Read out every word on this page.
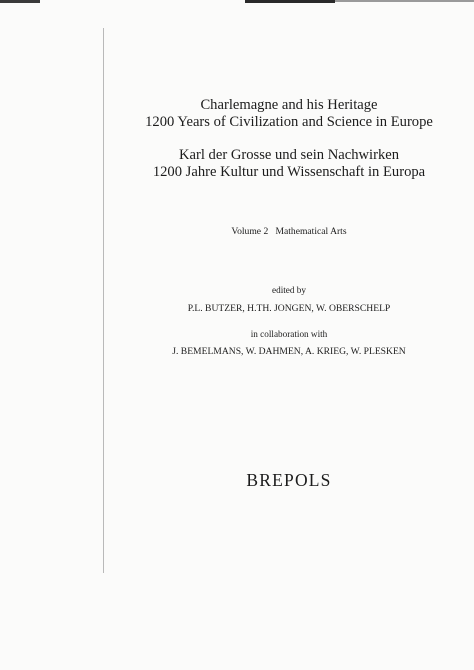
Charlemagne and his Heritage
1200 Years of Civilization and Science in Europe
Karl der Grosse und sein Nachwirken
1200 Jahre Kultur und Wissenschaft in Europa
Volume 2   Mathematical Arts
edited by
P.L. BUTZER, H.TH. JONGEN, W. OBERSCHELP
in collaboration with
J. BEMELMANS, W. DAHMEN, A. KRIEG, W. PLESKEN
BREPOLS
